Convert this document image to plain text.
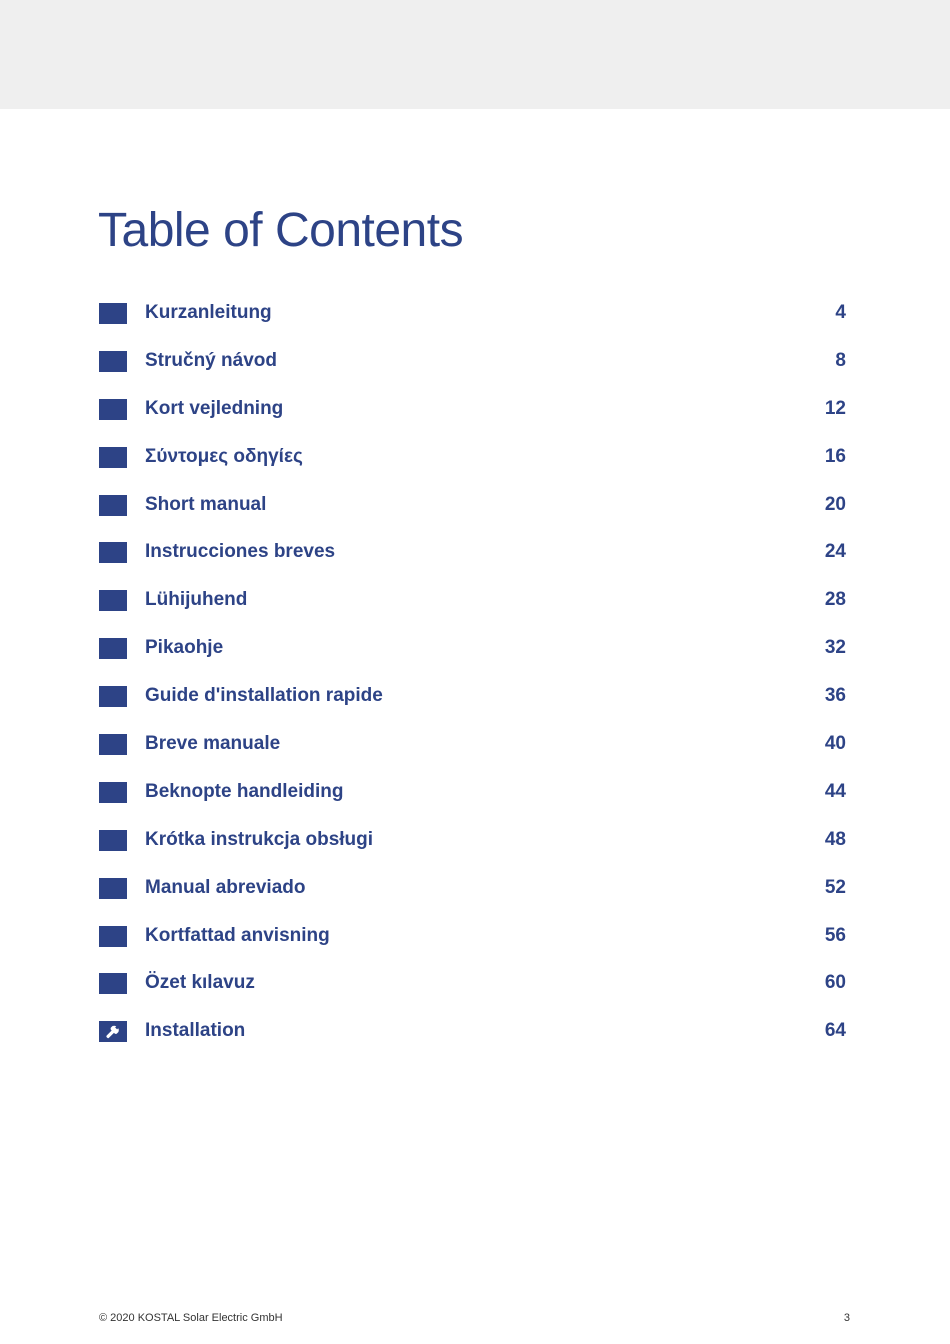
Table of Contents
Kurzanleitung	4
Stručný návod	8
Kort vejledning	12
Σύντομες οδηγίες	16
Short manual	20
Instrucciones breves	24
Lühijuhend	28
Pikaohje	32
Guide d'installation rapide	36
Breve manuale	40
Beknopte handleiding	44
Krótka instrukcja obsługi	48
Manual abreviado	52
Kortfattad anvisning	56
Özet kılavuz	60
Installation	64
© 2020 KOSTAL Solar Electric GmbH	3
